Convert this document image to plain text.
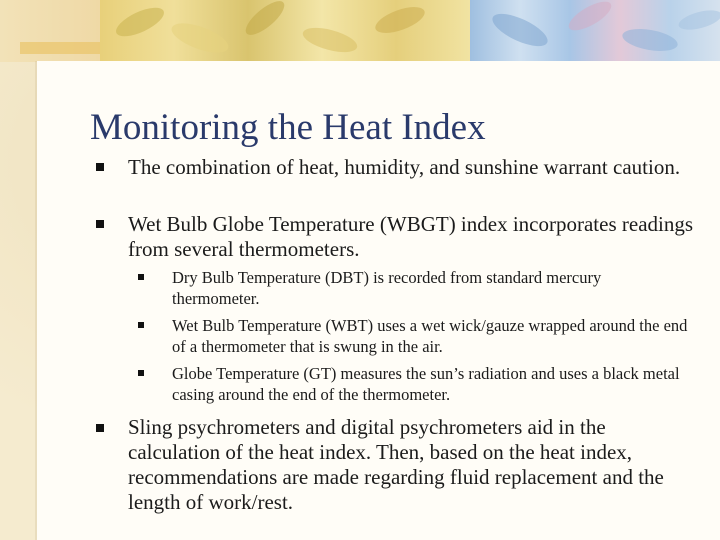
Monitoring the Heat Index
The combination of heat, humidity, and sunshine warrant caution.
Wet Bulb Globe Temperature (WBGT) index incorporates readings from several thermometers.
Dry Bulb Temperature (DBT) is recorded from standard mercury thermometer.
Wet Bulb Temperature (WBT) uses a wet wick/gauze wrapped around the end of a thermometer that is swung in the air.
Globe Temperature (GT) measures the sun’s radiation and uses a black metal casing around the end of the thermometer.
Sling psychrometers and digital psychrometers aid in the calculation of the heat index. Then, based on the heat index, recommendations are made regarding fluid replacement and the length of work/rest.
